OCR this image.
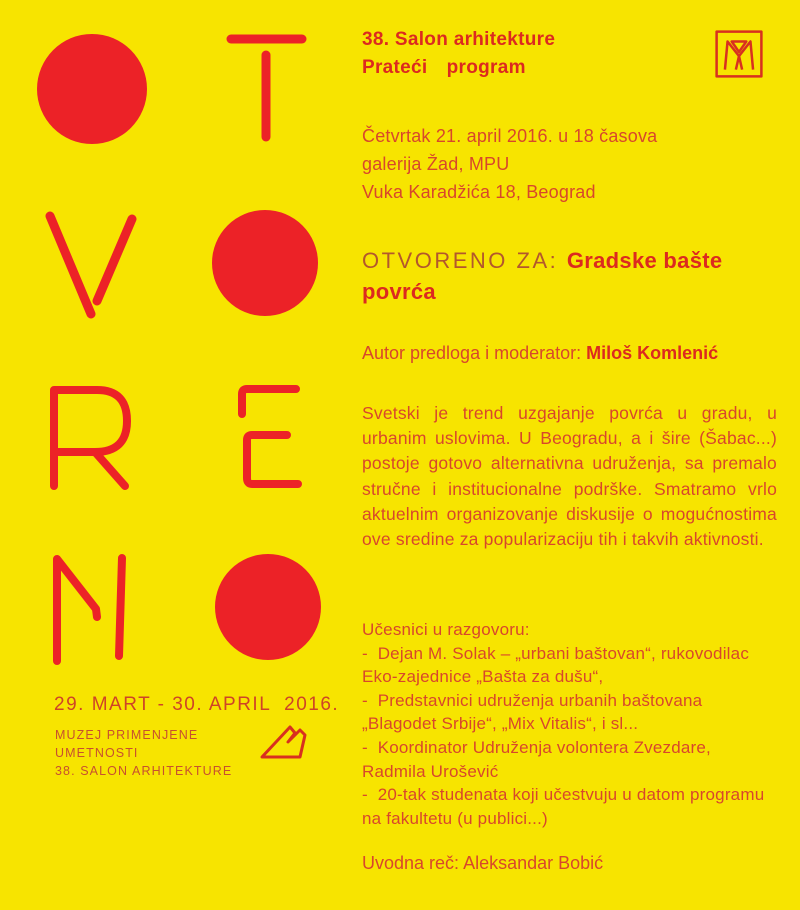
29. MART - 30. APRIL  2016.
MUZEJ PRIMENJENE UMETNOSTI
38. SALON ARHITEKTURE
38. Salon arhitekture
Prateći  program
Četvrtak 21. april 2016. u 18 časova
galerija Žad, MPU
Vuka Karadžića 18, Beograd
OTVORENO ZA: Gradske bašte povrća
Autor predloga i moderator: Miloš Komlenić
Svetski je trend uzgajanje povrća u gradu, u urbanim uslovima. U Beogradu, a i šire (Šabac...) postoje gotovo alternativna udruženja, sa premalo stručne i institucionalne podrške. Smatramo vrlo aktuelnim organizovanje diskusije o mogućnostima ove sredine za popularizaciju tih i takvih aktivnosti.
Učesnici u razgovoru:
-  Dejan M. Solak – „urbani baštovan“, rukovodilac Eko-zajednice „Bašta za dušu“,
-  Predstavnici udruženja urbanih baštovana „Blagodet Srbije“, „Mix Vitalis“, i sl...
-  Koordinator Udruženja volontera Zvezdare, Radmila Urošević
-  20-tak studenata koji učestvuju u datom programu na fakultetu (u publici...)
Uvodna reč: Aleksandar Bobić
